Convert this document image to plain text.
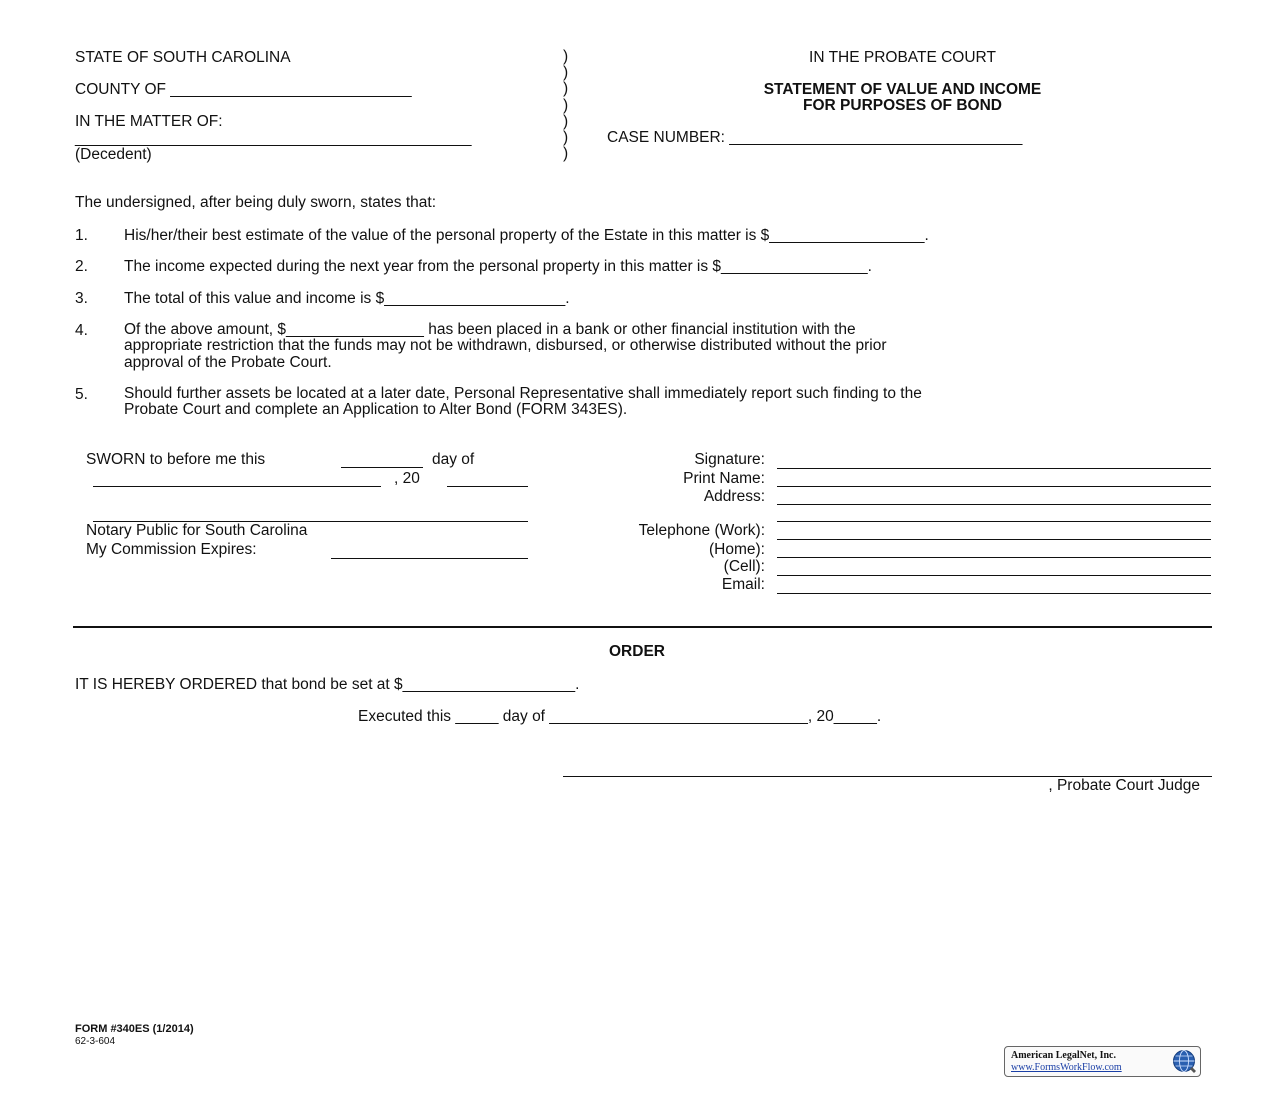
STATE OF SOUTH CAROLINA
COUNTY OF ____________________________
IN THE MATTER OF:
______________________________________________
(Decedent)
)
)
)
)
)
)
)
IN THE PROBATE COURT
STATEMENT OF VALUE AND INCOME
FOR PURPOSES OF BOND
CASE NUMBER: __________________________________
The undersigned, after being duly sworn, states that:
1. His/her/their best estimate of the value of the personal property of the Estate in this matter is $__________________.
2. The income expected during the next year from the personal property in this matter is $_________________.
3. The total of this value and income is $_____________________.
4. Of the above amount, $________________ has been placed in a bank or other financial institution with the
appropriate restriction that the funds may not be withdrawn, disbursed, or otherwise distributed without the prior
approval of the Probate Court.
5. Should further assets be located at a later date, Personal Representative shall immediately report such finding to the
Probate Court and complete an Application to Alter Bond (FORM 343ES).
SWORN to before me this	day of
, 20
Notary Public for South Carolina
My Commission Expires:
Signature:
Print Name:
Address:
Telephone (Work):
(Home):
(Cell):
Email:
ORDER
IT IS HEREBY ORDERED that bond be set at $____________________.
Executed this _____ day of ______________________________, 20_____.
, Probate Court Judge
FORM #340ES (1/2014)
62-3-604
American LegalNet, Inc.
www.FormsWorkFlow.com
